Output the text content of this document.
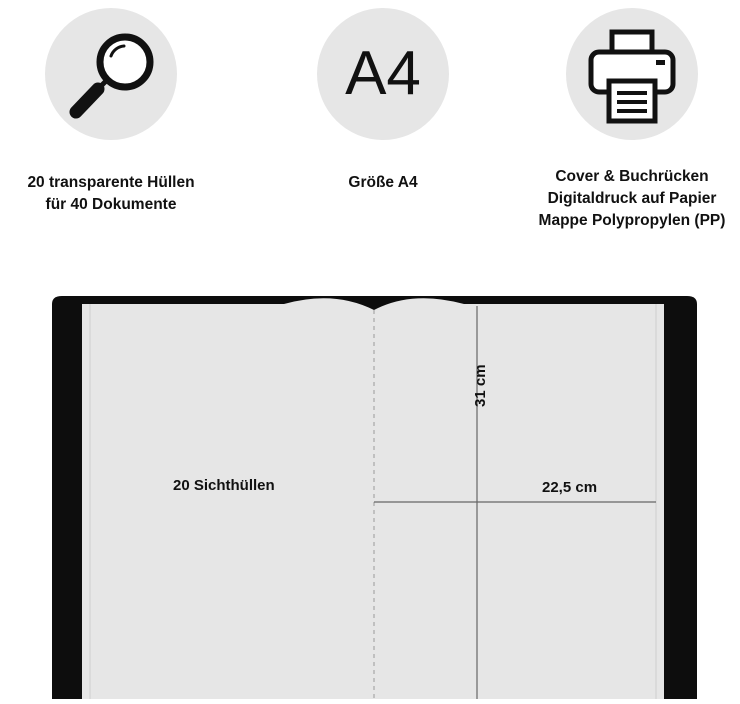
20 transparente Hüllen
für 40 Dokumente
A4
Größe A4	Cover & Buchrücken
Digitaldruck auf Papier
Mappe Polypropylen (PP)
20 Sichthüllen
31 cm
22,5 cm
